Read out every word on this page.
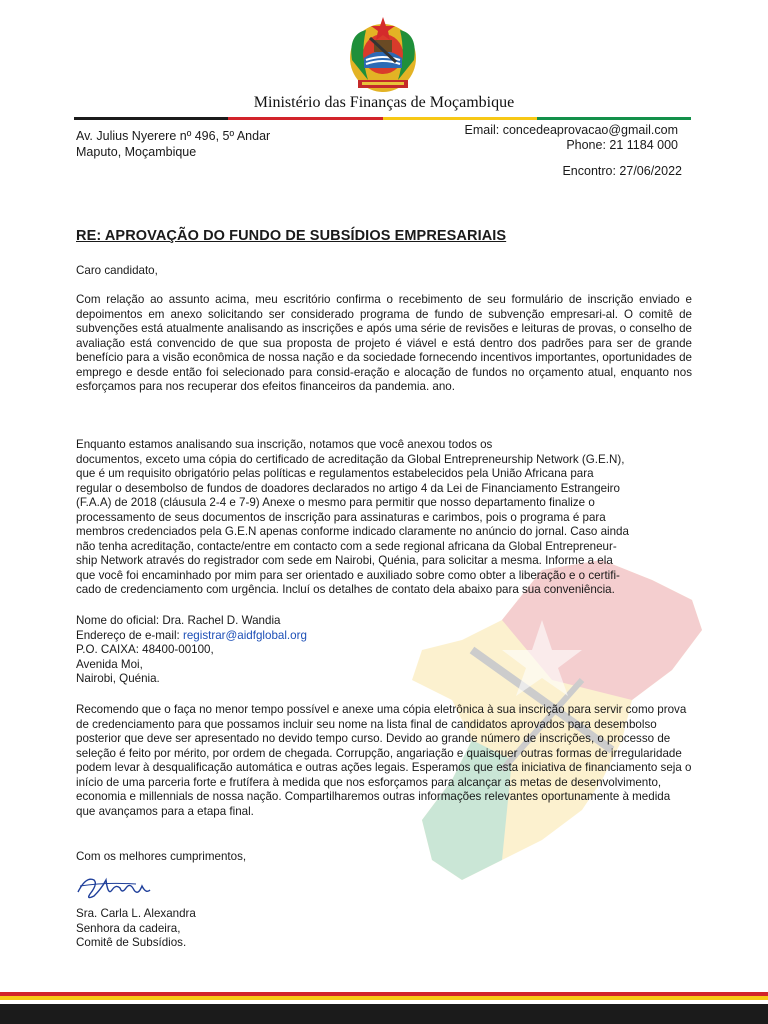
Ministério das Finanças de Moçambique
Av. Julius Nyerere nº 496, 5º Andar
Maputo, Moçambique
Email: concedeaprovacao@gmail.com
Phone: 21 1184 000
Encontro: 27/06/2022
RE: APROVAÇÃO DO FUNDO DE SUBSÍDIOS EMPRESARIAIS
Caro candidato,
Com relação ao assunto acima, meu escritório confirma o recebimento de seu formulário de inscrição enviado e depoimentos em anexo solicitando ser considerado programa de fundo de subvenção empresari-al. O comitê de subvenções está atualmente analisando as inscrições e após uma série de revisões e leituras de provas, o conselho de avaliação está convencido de que sua proposta de projeto é viável e está dentro dos padrões para ser de grande benefício para a visão econômica de nossa nação e da sociedade fornecendo incentivos importantes, oportunidades de emprego e desde então foi selecionado para consid-eração e alocação de fundos no orçamento atual, enquanto nos esforçamos para nos recuperar dos efeitos financeiros da pandemia. ano.
Enquanto estamos analisando sua inscrição, notamos que você anexou todos os
documentos, exceto uma cópia do certificado de acreditação da Global Entrepreneurship Network (G.E.N),
que é um requisito obrigatório pelas políticas e regulamentos estabelecidos pela União Africana para
regular o desembolso de fundos de doadores declarados no artigo 4 da Lei de Financiamento Estrangeiro
(F.A.A) de 2018 (cláusula 2-4 e 7-9) Anexe o mesmo para permitir que nosso departamento finalize o
processamento de seus documentos de inscrição para assinaturas e carimbos, pois o programa é para
membros credenciados pela G.E.N apenas conforme indicado claramente no anúncio do jornal. Caso ainda
não tenha acreditação, contacte/entre em contacto com a sede regional africana da Global Entrepreneur-
ship Network através do registrador com sede em Nairobi, Quénia, para solicitar a mesma. Informe a ela
que você foi encaminhado por mim para ser orientado e auxiliado sobre como obter a liberação e o certifi-
cado de credenciamento com urgência. Incluí os detalhes de contato dela abaixo para sua conveniência.
Nome do oficial: Dra. Rachel D. Wandia
Endereço de e-mail: registrar@aidfglobal.org
P.O. CAIXA: 48400-00100,
Avenida Moi,
Nairobi, Quénia.
Recomendo que o faça no menor tempo possível e anexe uma cópia eletrônica à sua inscrição para servir como prova de credenciamento para que possamos incluir seu nome na lista final de candidatos aprovados para desembolso posterior que deve ser apresentado no devido tempo curso. Devido ao grande número de inscrições, o processo de seleção é feito por mérito, por ordem de chegada. Corrupção, angariação e quaisquer outras formas de irregularidade podem levar à desqualificação automática e outras ações legais. Esperamos que esta iniciativa de financiamento seja o início de uma parceria forte e frutífera à medida que nos esforçamos para alcançar as metas de desenvolvimento, economia e millennials de nossa nação. Compartilharemos outras informações relevantes oportunamente à medida que avançamos para a etapa final.
Com os melhores cumprimentos,
Sra. Carla L. Alexandra
Senhora da cadeira,
Comitê de Subsídios.
